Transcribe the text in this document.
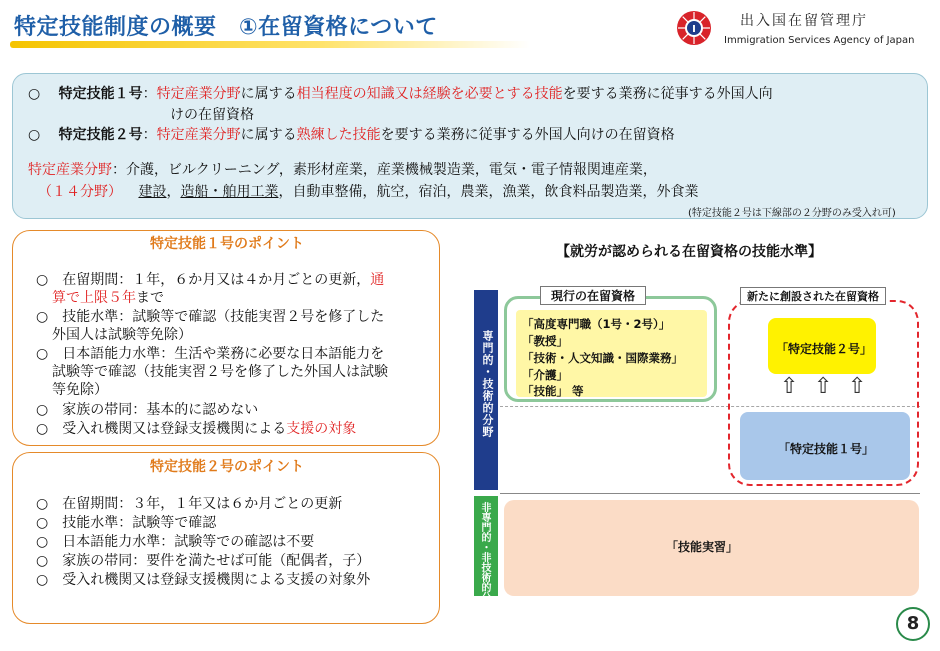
特定技能制度の概要　①在留資格について	I
出入国在留管理庁
Immigration Services Agency of Japan
○ 特定技能１号：特定産業分野に属する相当程度の知識又は経験を必要とする技能を要する業務に従事する外国人向
けの在留資格
○ 特定技能２号：特定産業分野に属する熟練した技能を要する業務に従事する外国人向けの在留資格
特定産業分野：介護，ビルクリーニング，素形材産業，産業機械製造業，電気・電子情報関連産業，
（１４分野） 建設，造船・舶用工業，自動車整備，航空，宿泊，農業，漁業，飲食料品製造業，外食業
(特定技能２号は下線部の２分野のみ受入れ可)
特定技能１号のポイント
○　在留期間：１年，６か月又は４か月ごとの更新，通
算で上限５年まで
○　技能水準：試験等で確認（技能実習２号を修了した
外国人は試験等免除）
○　日本語能力水準：生活や業務に必要な日本語能力を
試験等で確認（技能実習２号を修了した外国人は試験
等免除）
○　家族の帯同：基本的に認めない
○　受入れ機関又は登録支援機関による支援の対象
特定技能２号のポイント
○　在留期間：３年，１年又は６か月ごとの更新
○　技能水準：試験等で確認
○　日本語能力水準：試験等での確認は不要
○　家族の帯同：要件を満たせば可能（配偶者，子）
○　受入れ機関又は登録支援機関による支援の対象外
【就労が認められる在留資格の技能水準】
専門的・技術的分野
非専門的・非技術的分野
現行の在留資格
「高度専門職（1号・2号）」
「教授」
「技術・人文知識・国際業務」
「介護」
「技能」 等
新たに創設された在留資格
「特定技能２号」
⇧ ⇧ ⇧
「特定技能１号」
「技能実習」
8
